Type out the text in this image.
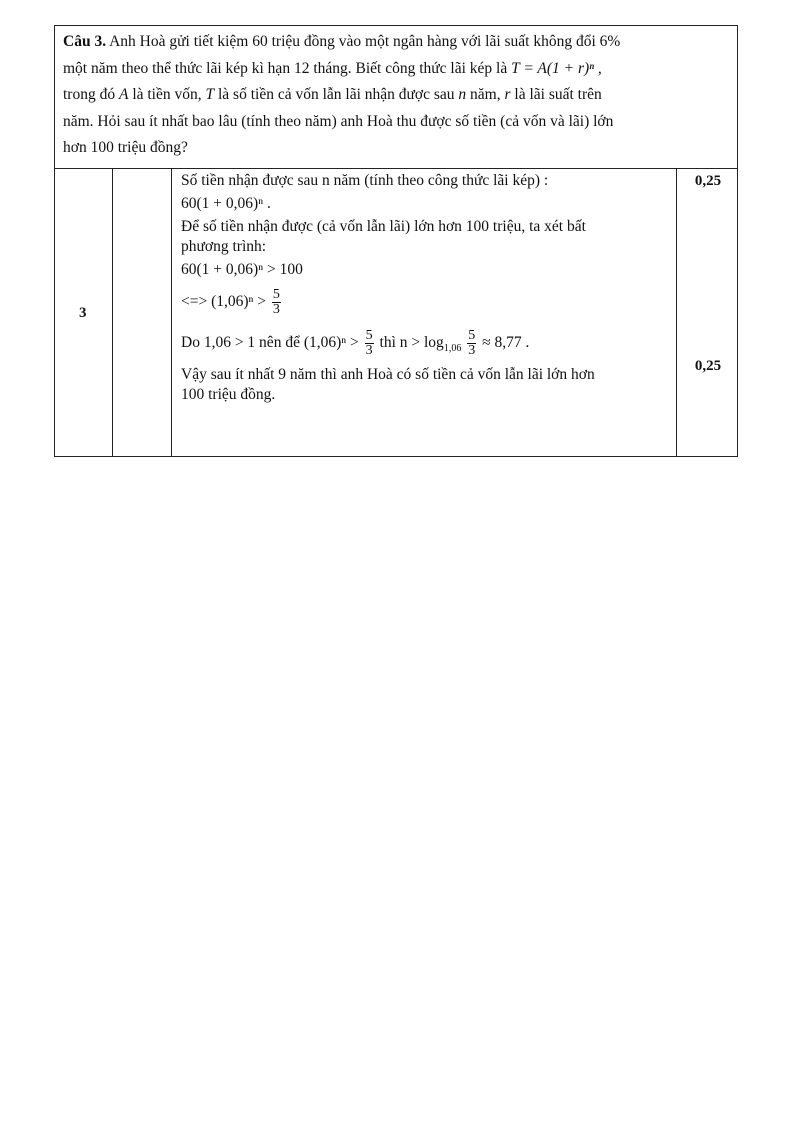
Câu 3. Anh Hoà gửi tiết kiệm 60 triệu đồng vào một ngân hàng với lãi suất không đổi 6%
một năm theo thể thức lãi kép kì hạn 12 tháng. Biết công thức lãi kép là T = A(1 + r)ⁿ ,
trong đó A là tiền vốn, T là số tiền cả vốn lẫn lãi nhận được sau n năm, r là lãi suất trên
năm. Hỏi sau ít nhất bao lâu (tính theo năm) anh Hoà thu được số tiền (cả vốn và lãi) lớn
hơn 100 triệu đồng?
3
Số tiền nhận được sau n năm (tính theo công thức lãi kép) :
60(1 + 0,06)ⁿ .
Để số tiền nhận được (cả vốn lẫn lãi) lớn hơn 100 triệu, ta xét bất
phương trình:
60(1 + 0,06)ⁿ > 100
<=> $(1,06)^n > \frac{5}{3}$
Do 1,06 > 1 nên để $(1,06)^n > \frac{5}{3}$ thì $n > \log_{1,06} \frac{5}{3} \approx 8,77$ .
Vậy sau ít nhất 9 năm thì anh Hoà có số tiền cả vốn lẫn lãi lớn hơn
100 triệu đồng.
0,25
0,25
